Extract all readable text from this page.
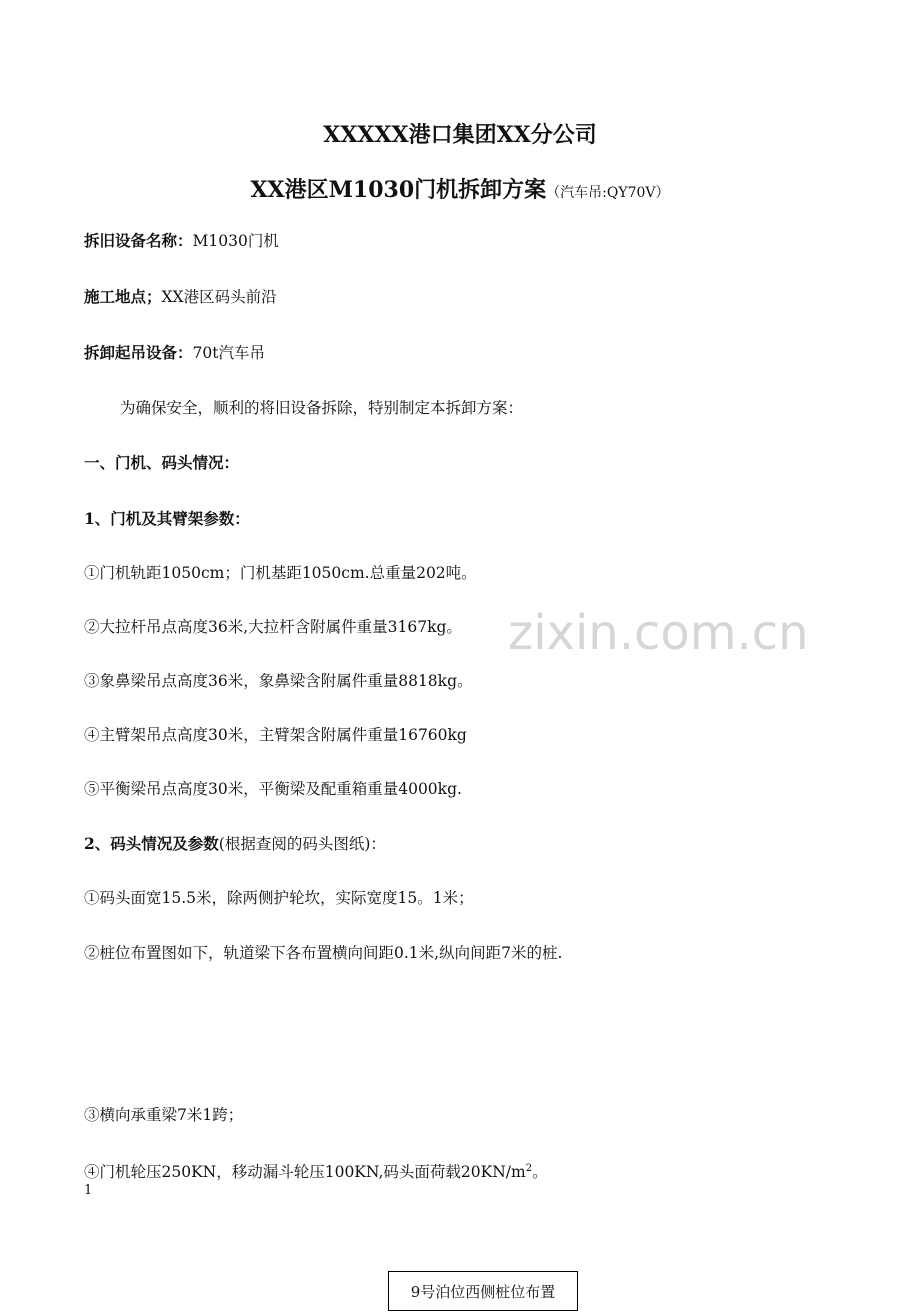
XXXXX港口集团XX分公司
XX港区M1030门机拆卸方案（汽车吊:QY70V）
拆旧设备名称：M1030门机
施工地点；XX港区码头前沿
拆卸起吊设备：70t汽车吊
为确保安全，顺利的将旧设备拆除，特别制定本拆卸方案：
一、门机、码头情况：
1、门机及其臂架参数：
①门机轨距1050cm；门机基距1050cm.总重量202吨。
②大拉杆吊点高度36米,大拉杆含附属件重量3167kg。
③象鼻梁吊点高度36米，象鼻梁含附属件重量8818kg。
④主臂架吊点高度30米，主臂架含附属件重量16760kg
⑤平衡梁吊点高度30米，平衡梁及配重箱重量4000kg.
2、码头情况及参数(根据查阅的码头图纸)：
①码头面宽15.5米，除两侧护轮坎，实际宽度15。1米；
②桩位布置图如下，轨道梁下各布置横向间距0.1米,纵向间距7米的桩.
③横向承重梁7米1跨；
④门机轮压250KN，移动漏斗轮压100KN,码头面荷载$20KN/m^2$。
zixin.com.cn
1
9号泊位西侧桩位布置
